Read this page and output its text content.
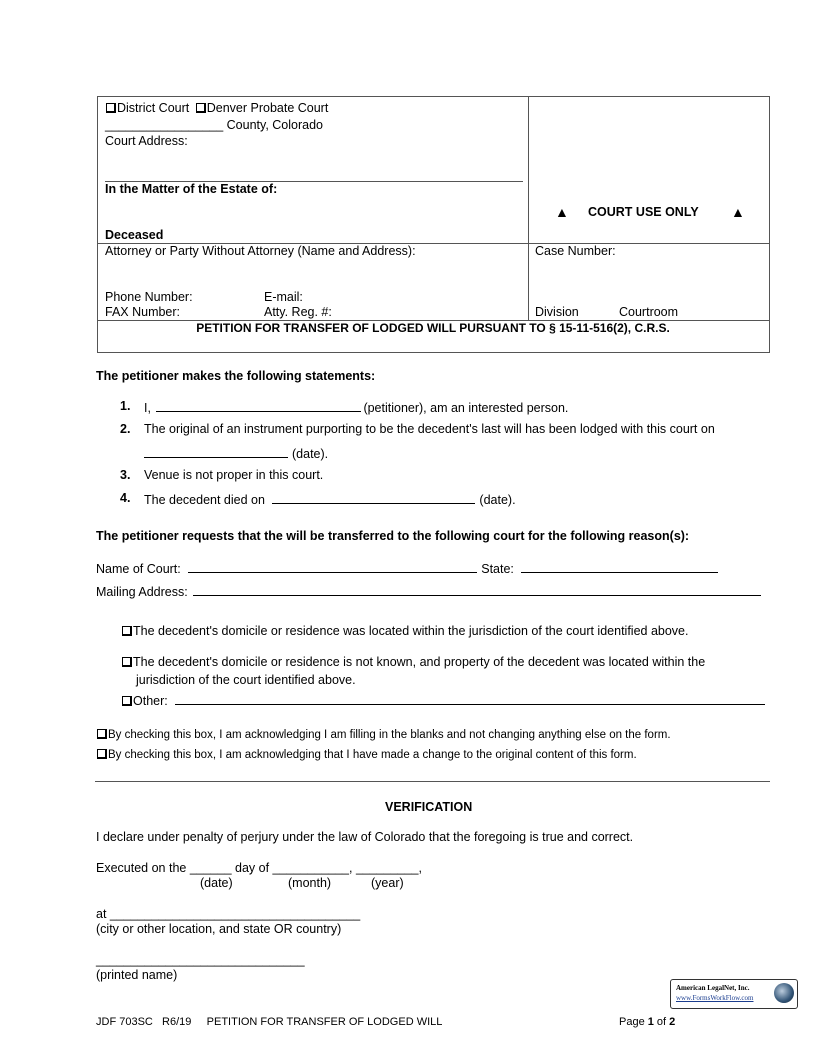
District Court Denver Probate Court
_________________ County, Colorado
Court Address:
In the Matter of the Estate of:
Deceased
▲ COURT USE ONLY ▲
Attorney or Party Without Attorney (Name and Address):
Phone Number:	E-mail:
FAX Number:	Atty. Reg. #:
Case Number:
Division	Courtroom
PETITION FOR TRANSFER OF LODGED WILL PURSUANT TO § 15-11-516(2), C.R.S.
The petitioner makes the following statements:
1. I,	(petitioner), am an interested person.
2. The original of an instrument purporting to be the decedent's last will has been lodged with this court on
(date).
3. Venue is not proper in this court.
4. The decedent died on	(date).
The petitioner requests that the will be transferred to the following court for the following reason(s):
Name of Court:	State:
Mailing Address:
The decedent's domicile or residence was located within the jurisdiction of the court identified above.
The decedent's domicile or residence is not known, and property of the decedent was located within the
jurisdiction of the court identified above.
Other:
By checking this box, I am acknowledging I am filling in the blanks and not changing anything else on the form.
By checking this box, I am acknowledging that I have made a change to the original content of this form.
VERIFICATION
I declare under penalty of perjury under the law of Colorado that the foregoing is true and correct.
Executed on the ______ day of ___________, _________,
(date)	(month)	(year)
at ____________________________________
(city or other location, and state OR country)
______________________________
(printed name)
American LegalNet, Inc.
www.FormsWorkFlow.com
JDF 703SC   R6/19     PETITION FOR TRANSFER OF LODGED WILL	Page 1 of 2
